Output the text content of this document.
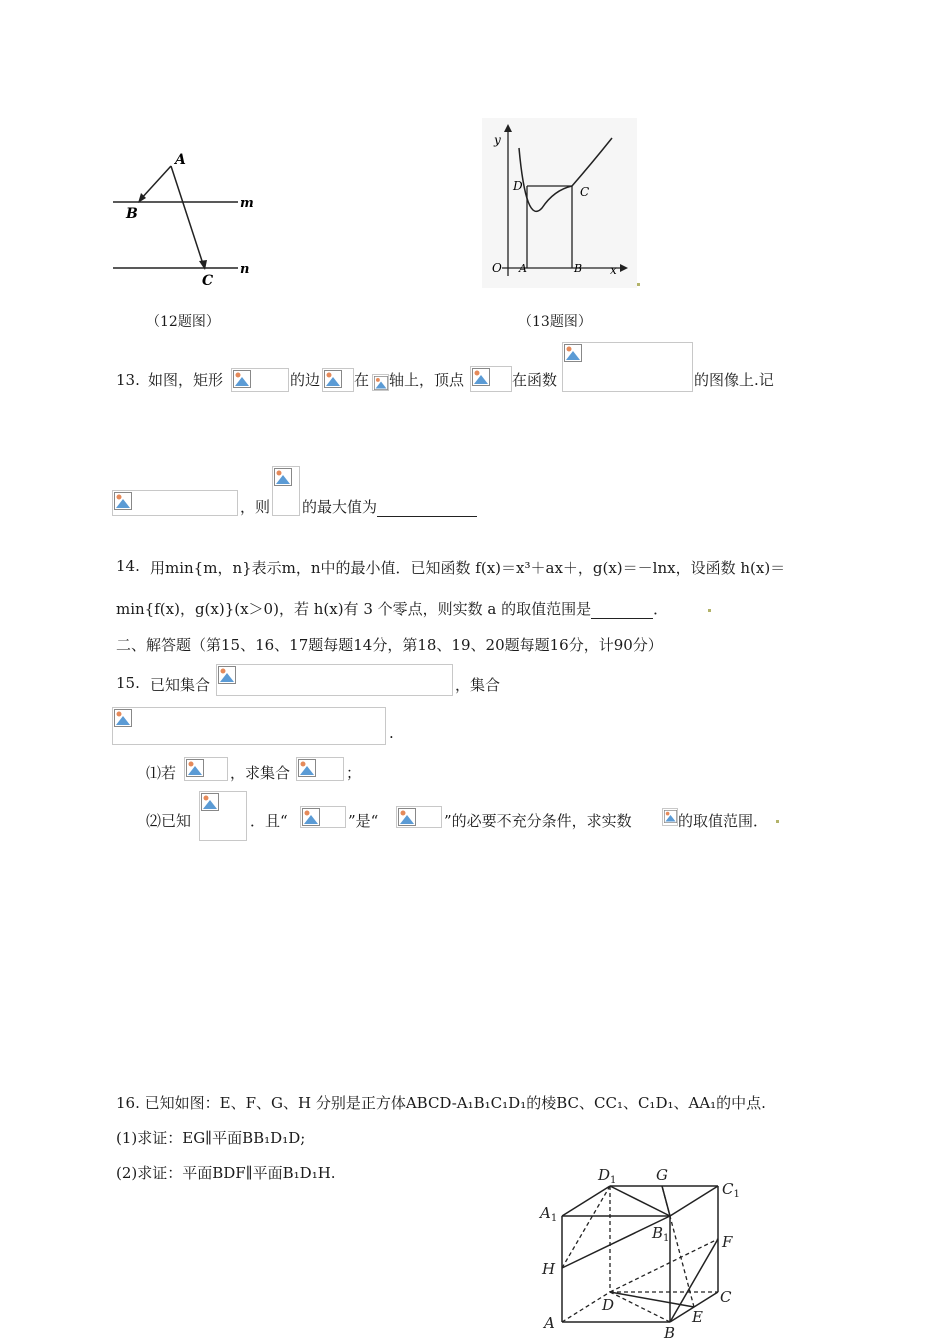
A
B
C
m
n
（12题图）
y
D	C
O A	B x
（13题图）
13. 如图，矩形	的边 在 轴上，顶点	在函数	的图像上.记
，则 的最大值为
14. 用min{m，n}表示m，n中的最小值．已知函数 f(x)＝x³＋ax＋，g(x)＝－lnx，设函数 h(x)＝
min{f(x)，g(x)}(x＞0)，若 h(x)有 3 个零点，则实数 a 的取值范围是	．
二、解答题（第15、16、17题每题14分，第18、19、20题每题16分，计90分）
15. 已知集合	，集合
.
⑴若	，求集合	；
⑵已知	．且“	”是“	”的必要不充分条件，求实数	的取值范围．
16. 已知如图：E、F、G、H 分别是正方体ABCD-A₁B₁C₁D₁的棱BC、CC₁、C₁D₁、AA₁的中点.
(1)求证：EG∥平面BB₁D₁D;
(2)求证：平面BDF∥平面B₁D₁H.	$D_1$	G
$C_1$
$A_1$
$B_1$	F
H
D	C
A	E
B
